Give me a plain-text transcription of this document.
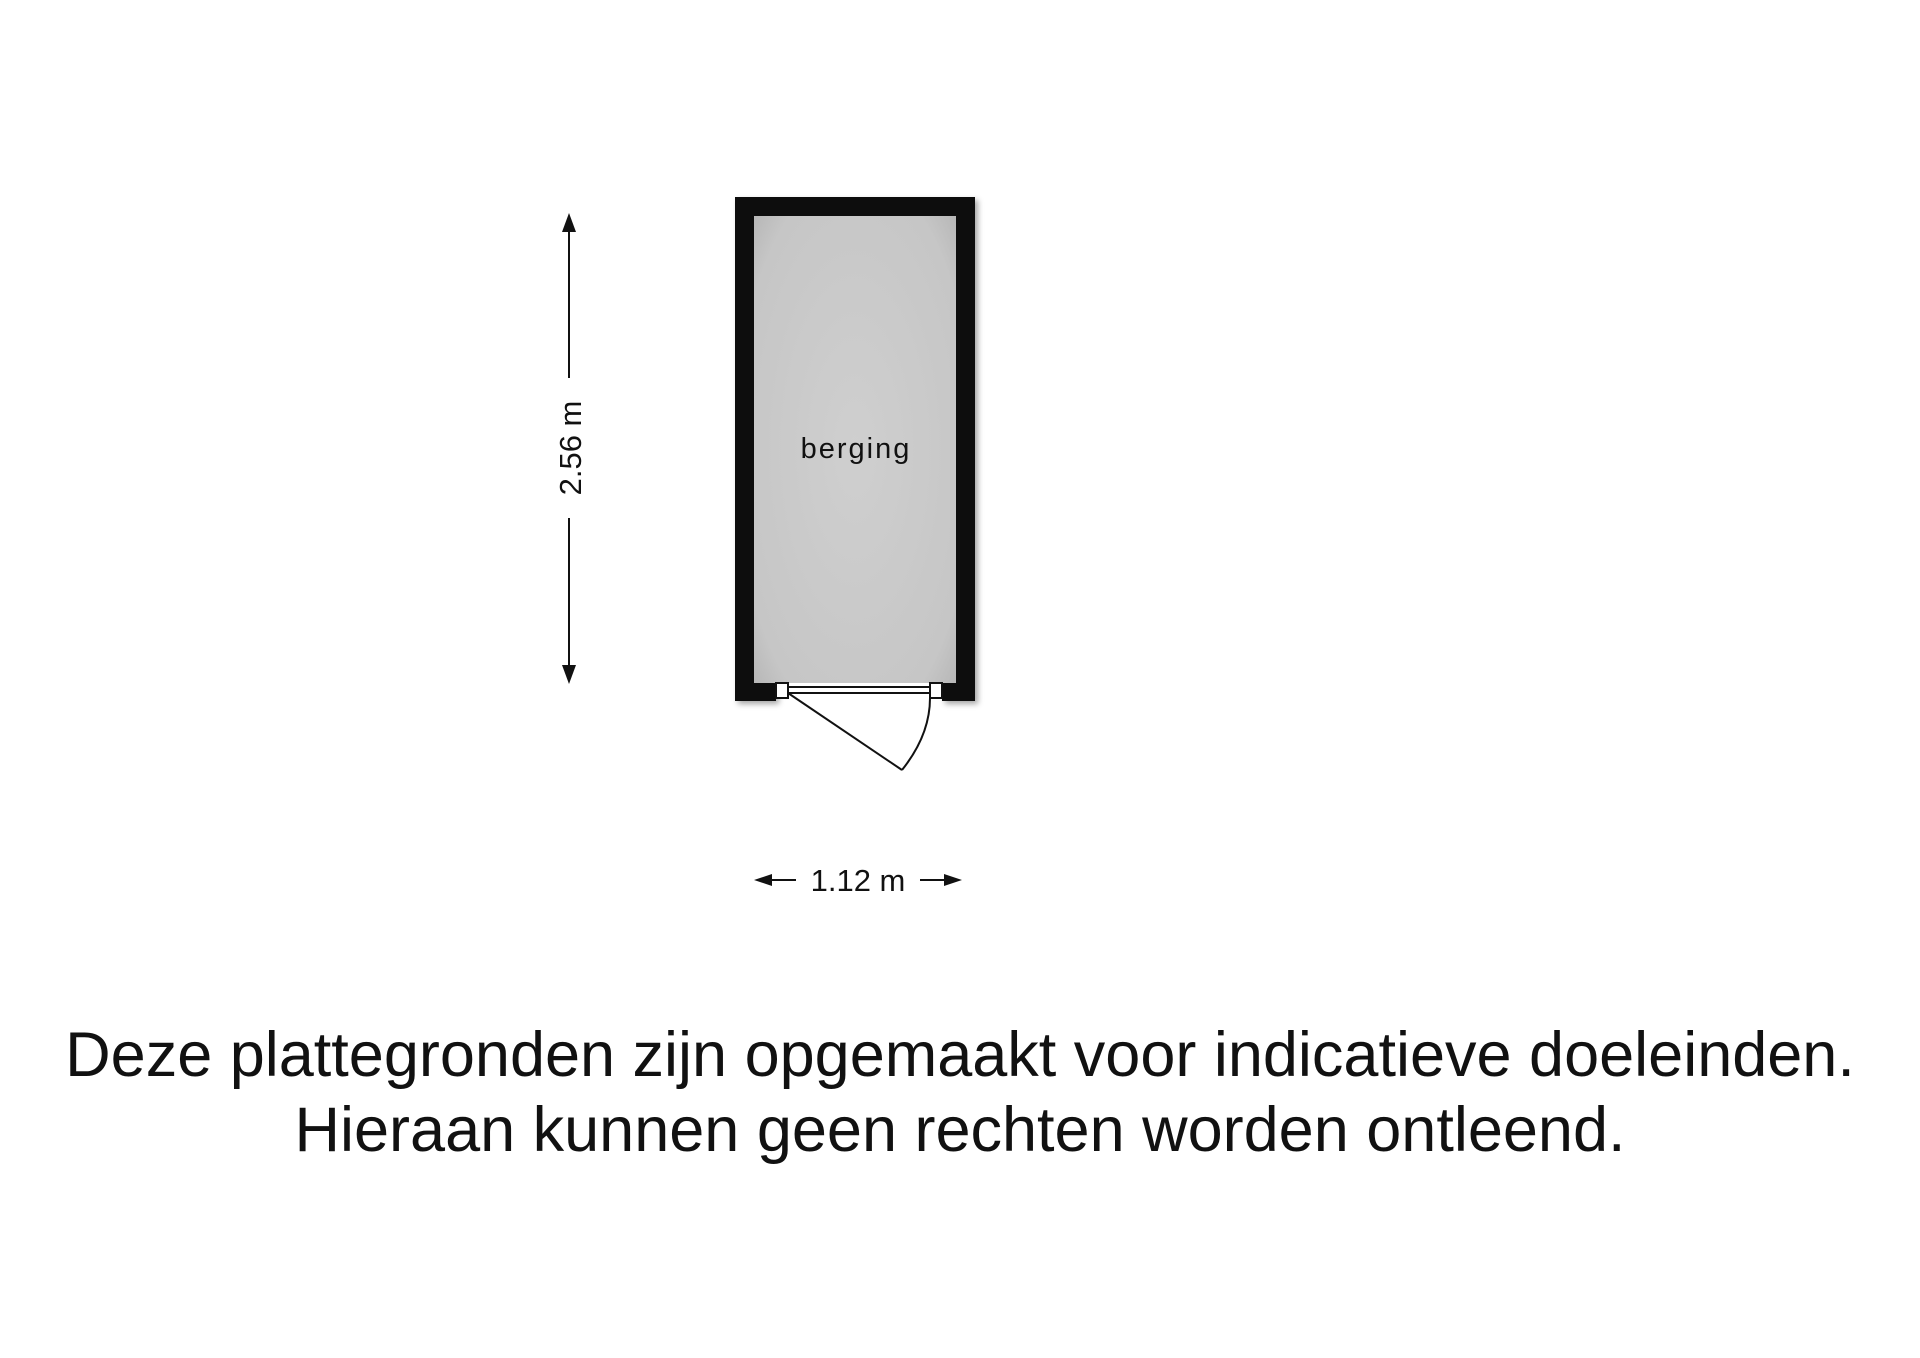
berging
2.56 m
1.12 m
Deze plattegronden zijn opgemaakt voor indicatieve doeleinden.
Hieraan kunnen geen rechten worden ontleend.
